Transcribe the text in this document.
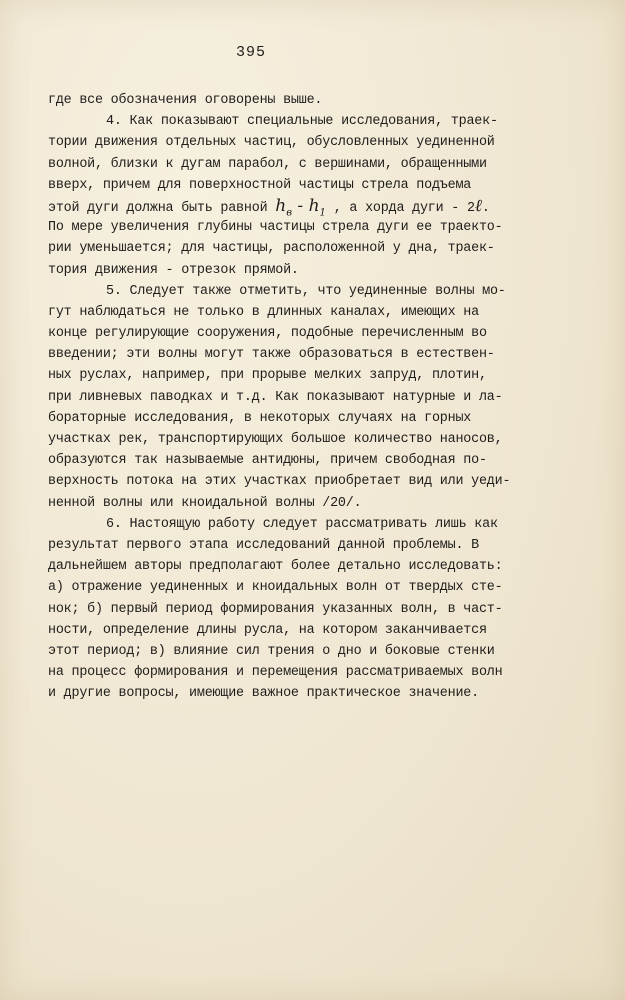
395
где все обозначения оговорены выше.
4. Как показывают специальные исследования, траек-
тории движения отдельных частиц, обусловленных уединенной
волной, близки к дугам парабол, с вершинами, обращенными
вверх, причем для поверхностной частицы стрела подъема
этой дуги должна быть равной $h_в - h_1$ , а хорда дуги - 2ℓ.
По мере увеличения глубины частицы стрела дуги ее траекто-
рии уменьшается; для частицы, расположенной у дна, траек-
тория движения - отрезок прямой.
5. Следует также отметить, что уединенные волны мо-
гут наблюдаться не только в длинных каналах, имеющих на
конце регулирующие сооружения, подобные перечисленным во
введении; эти волны могут также образоваться в естествен-
ных руслах, например, при прорыве мелких запруд, плотин,
при ливневых паводках и т.д. Как показывают натурные и ла-
бораторные исследования, в некоторых случаях на горных
участках рек, транспортирующих большое количество наносов,
образуются так называемые антидюны, причем свободная по-
верхность потока на этих участках приобретает вид или уеди-
ненной волны или кноидальной волны /20/.
6. Настоящую работу следует рассматривать лишь как
результат первого этапа исследований данной проблемы. В
дальнейшем авторы предполагают более детально исследовать:
а) отражение уединенных и кноидальных волн от твердых сте-
нок; б) первый период формирования указанных волн, в част-
ности, определение длины русла, на котором заканчивается
этот период; в) влияние сил трения о дно и боковые стенки
на процесс формирования и перемещения рассматриваемых волн
и другие вопросы, имеющие важное практическое значение.
